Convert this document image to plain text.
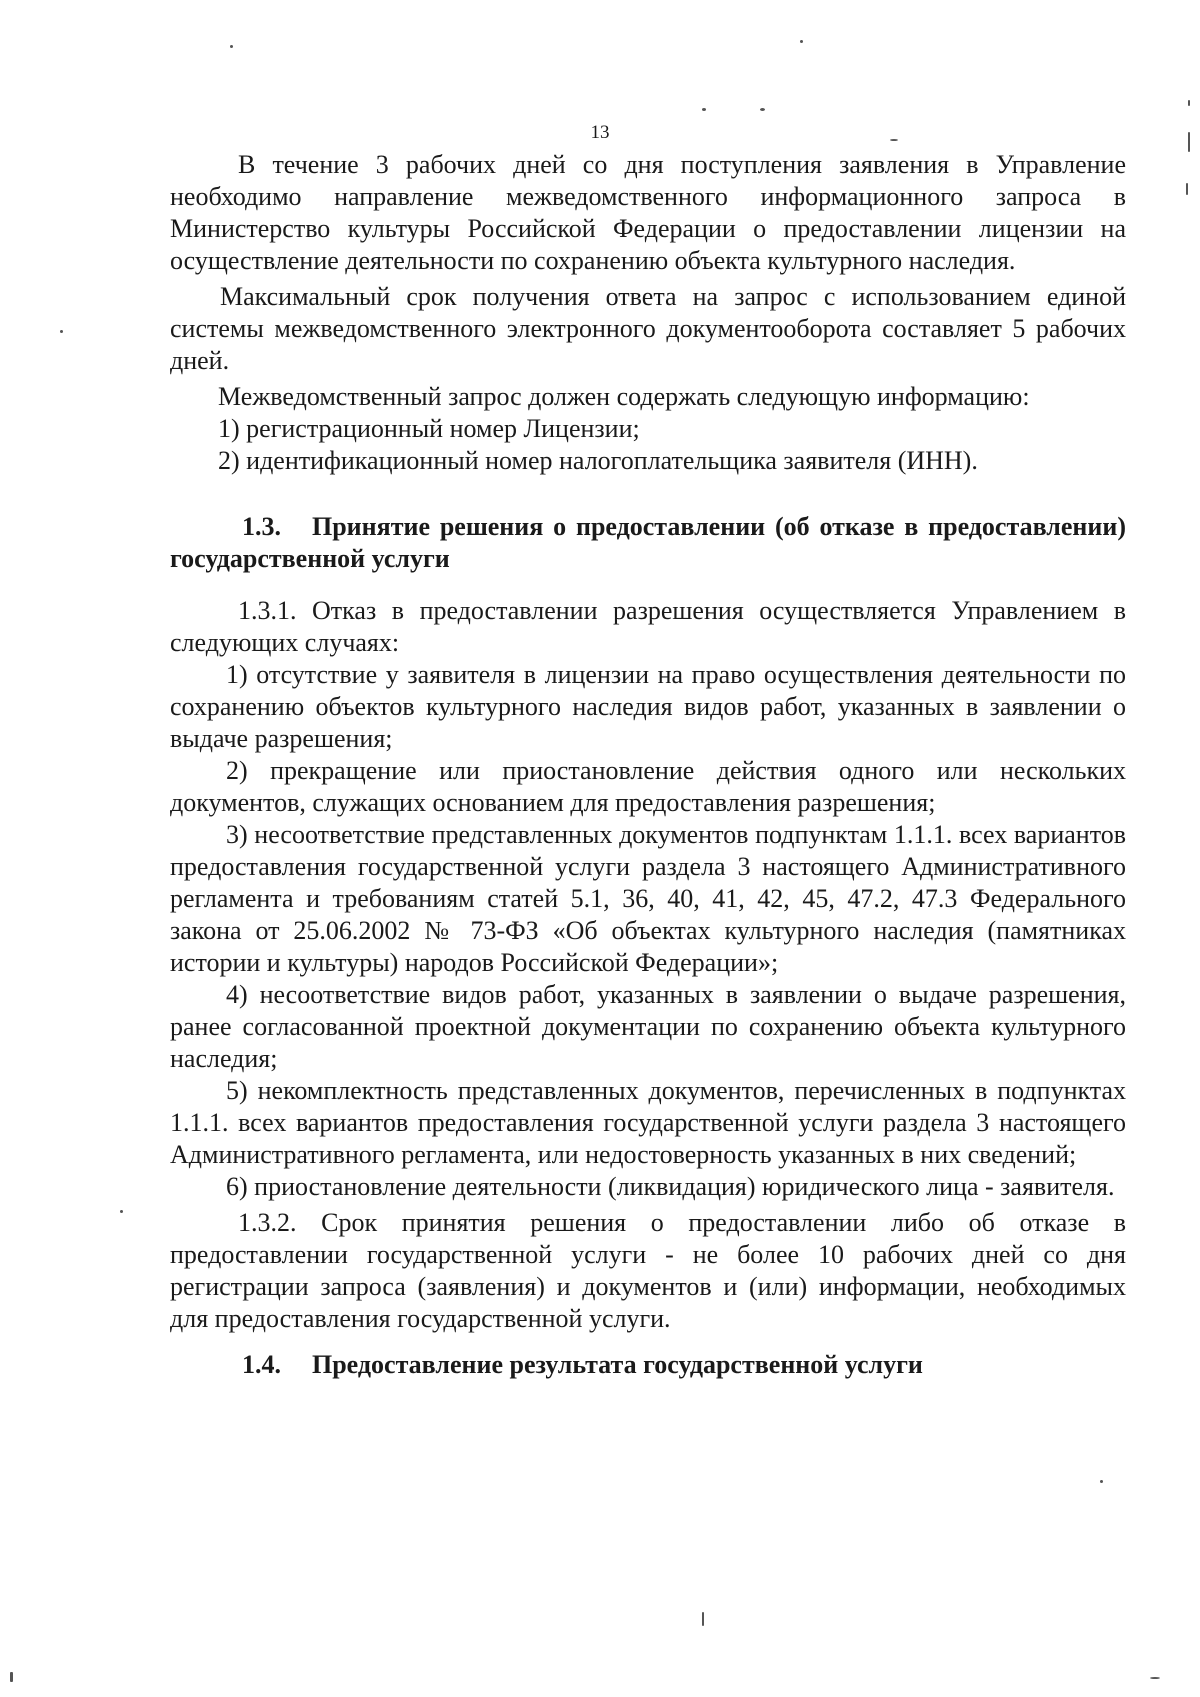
13

В течение 3 рабочих дней со дня поступления заявления в Управление необходимо направление межведомственного информационного запроса в Министерство культуры Российской Федерации о предоставлении лицензии на осуществление деятельности по сохранению объекта культурного наследия.

Максимальный срок получения ответа на запрос с использованием единой системы межведомственного электронного документооборота составляет 5 рабочих дней.

Межведомственный запрос должен содержать следующую информацию:

1) регистрационный номер Лицензии;

2) идентификационный номер налогоплательщика заявителя (ИНН).

1.3. Принятие решения о предоставлении (об отказе в предоставлении) государственной услуги

1.3.1. Отказ в предоставлении разрешения осуществляется Управлением в следующих случаях:

1) отсутствие у заявителя в лицензии на право осуществления деятельности по сохранению объектов культурного наследия видов работ, указанных в заявлении о выдаче разрешения;

2) прекращение или приостановление действия одного или нескольких документов, служащих основанием для предоставления разрешения;

3) несоответствие представленных документов подпунктам 1.1.1. всех вариантов предоставления государственной услуги раздела 3 настоящего Административного регламента и требованиям статей 5.1, 36, 40, 41, 42, 45, 47.2, 47.3 Федерального закона от 25.06.2002 № 73-ФЗ «Об объектах культурного наследия (памятниках истории и культуры) народов Российской Федерации»;

4) несоответствие видов работ, указанных в заявлении о выдаче разрешения, ранее согласованной проектной документации по сохранению объекта культурного наследия;

5) некомплектность представленных документов, перечисленных в подпунктах 1.1.1. всех вариантов предоставления государственной услуги раздела 3 настоящего Административного регламента, или недостоверность указанных в них сведений;

6) приостановление деятельности (ликвидация) юридического лица - заявителя.

1.3.2. Срок принятия решения о предоставлении либо об отказе в предоставлении государственной услуги - не более 10 рабочих дней со дня регистрации запроса (заявления) и документов и (или) информации, необходимых для предоставления государственной услуги.

1.4. Предоставление результата государственной услуги
